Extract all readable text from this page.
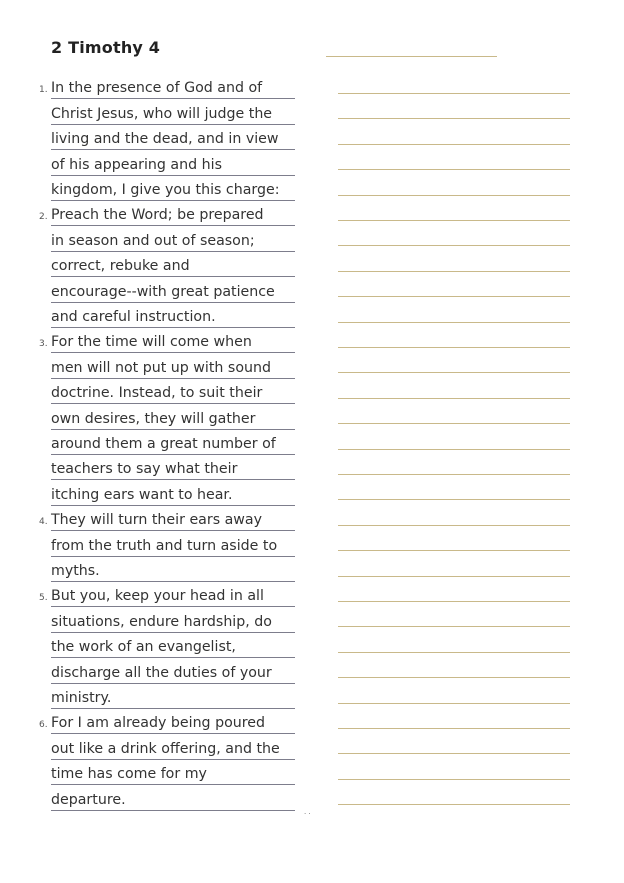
2 Timothy 4
1. In the presence of God and of
Christ Jesus, who will judge the
living and the dead, and in view
of his appearing and his
kingdom, I give you this charge:
2. Preach the Word; be prepared
in season and out of season;
correct, rebuke and
encourage--with great patience
and careful instruction.
3. For the time will come when
men will not put up with sound
doctrine. Instead, to suit their
own desires, they will gather
around them a great number of
teachers to say what their
itching ears want to hear.
4. They will turn their ears away
from the truth and turn aside to
myths.
5. But you, keep your head in all
situations, endure hardship, do
the work of an evangelist,
discharge all the duties of your
ministry.
6. For I am already being poured
out like a drink offering, and the
time has come for my
departure.
‧ ‧
